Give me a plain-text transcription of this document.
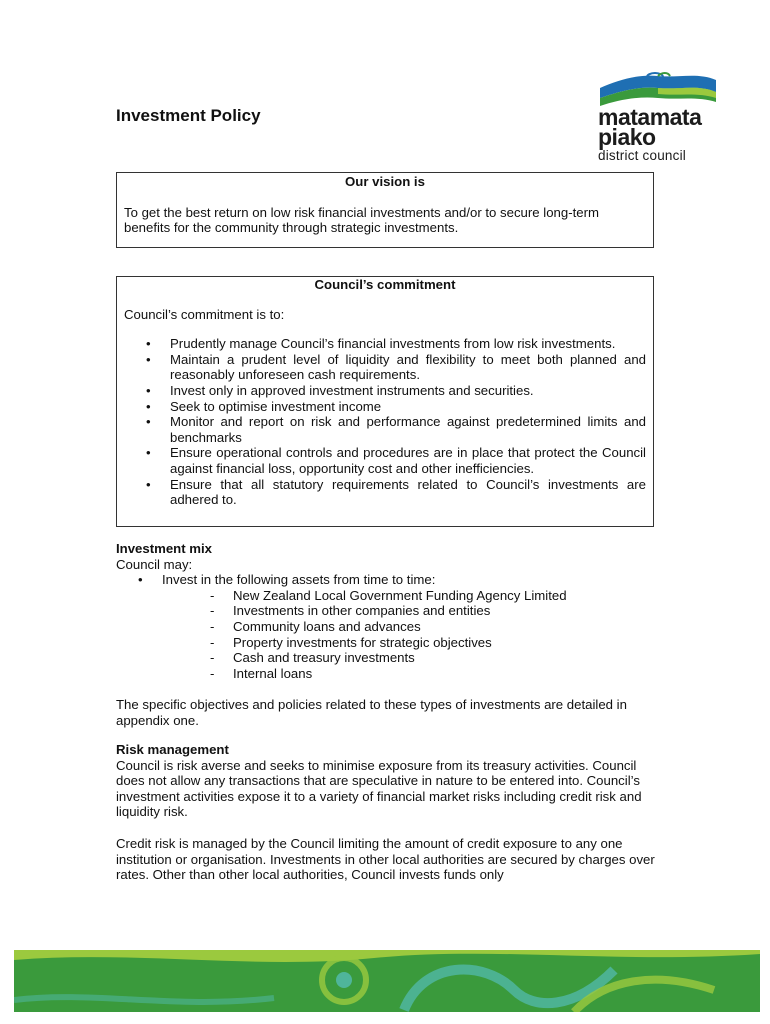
Investment Policy	matamata
piako
district council
Our vision is

To get the best return on low risk financial investments and/or to secure long-term benefits for the community through strategic investments.

Council’s commitment

Council’s commitment is to:

• Prudently manage Council’s financial investments from low risk investments.
• Maintain a prudent level of liquidity and flexibility to meet both planned and reasonably unforeseen cash requirements.
• Invest only in approved investment instruments and securities.
• Seek to optimise investment income
• Monitor and report on risk and performance against predetermined limits and benchmarks
• Ensure operational controls and procedures are in place that protect the Council against financial loss, opportunity cost and other inefficiencies.
• Ensure that all statutory requirements related to Council’s investments are adhered to.

Investment mix

Council may:

• Invest in the following assets from time to time:
- New Zealand Local Government Funding Agency Limited
- Investments in other companies and entities
- Community loans and advances
- Property investments for strategic objectives
- Cash and treasury investments
- Internal loans

The specific objectives and policies related to these types of investments are detailed in appendix one.

Risk management

Council is risk averse and seeks to minimise exposure from its treasury activities. Council does not allow any transactions that are speculative in nature to be entered into. Council’s investment activities expose it to a variety of financial market risks including credit risk and liquidity risk.

Credit risk is managed by the Council limiting the amount of credit exposure to any one institution or organisation. Investments in other local authorities are secured by charges over rates. Other than other local authorities, Council invests funds only
